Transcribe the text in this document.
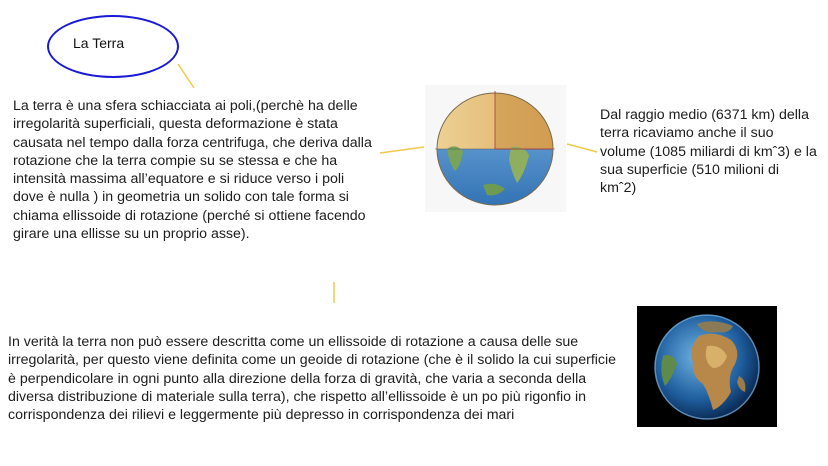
La Terra

La terra è una sfera schiacciata ai poli,(perchè ha delle irregolarità superficiali, questa deformazione è stata causata nel tempo dalla forza centrifuga, che deriva dalla rotazione che la terra compie su se stessa e che ha intensità massima all’equatore e si riduce verso i poli dove è nulla ) in geometria un solido con tale forma si chiama ellissoide di rotazione (perché si ottiene facendo girare una ellisse su un proprio asse).

Dal raggio medio (6371 km) della terra ricaviamo anche il suo volume (1085 miliardi di kmˆ3) e la sua superficie (510 milioni di kmˆ2)

In verità la terra non può essere descritta come un ellissoide di rotazione a causa delle sue irregolarità, per questo viene definita come un geoide di rotazione (che è il solido la cui superficie è perpendicolare in ogni punto alla direzione della forza di gravità, che varia a seconda della diversa distribuzione di materiale sulla terra), che rispetto all’ellissoide è un po più rigonfio in corrispondenza dei rilievi e leggermente più depresso in corrispondenza dei mari
